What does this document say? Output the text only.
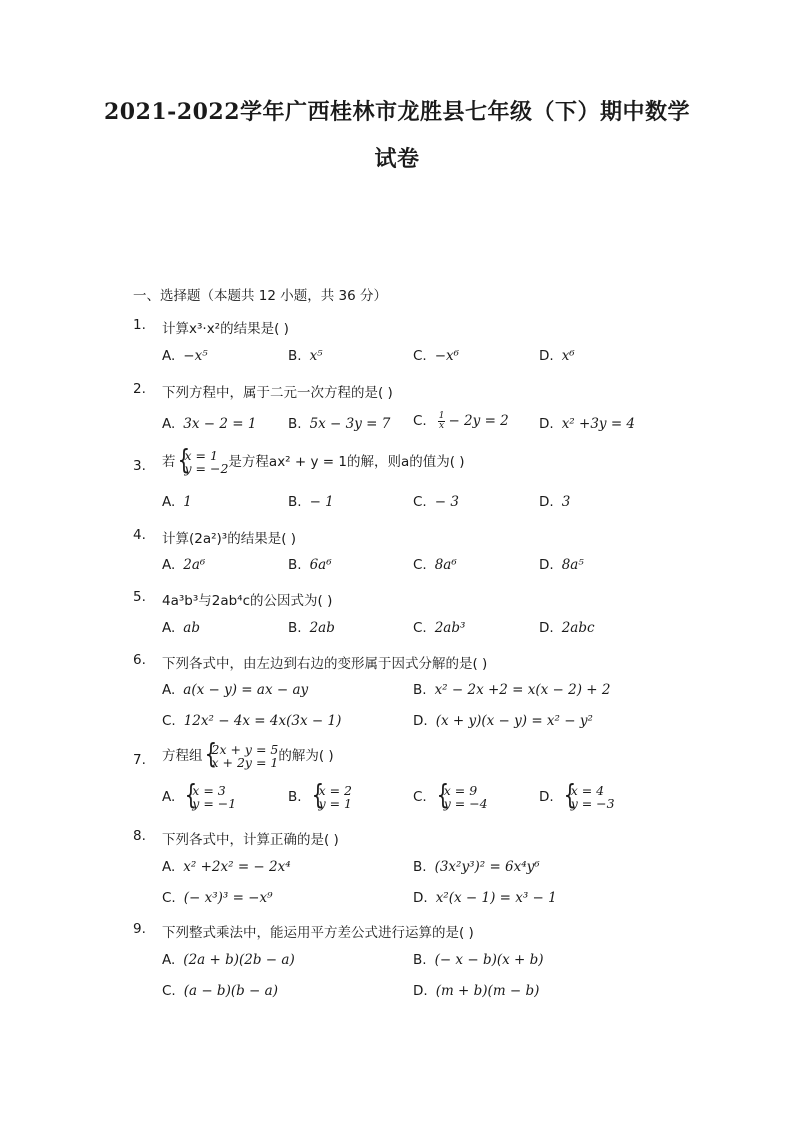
2021-2022学年广西桂林市龙胜县七年级（下）期中数学
试卷
一、选择题（本题共 12 小题，共 36 分）
1.	计算x³·x²的结果是( )
A. −x⁵	B. x⁵	C. −x⁶	D. x⁶
2.	下列方程中，属于二元一次方程的是( )
A. 3x − 2 = 1 B. 5x − 3y = 7 C. $\frac{1}{x} - 2y = 2$ D. x² +3y = 4
3.	若 { x = 1
y = −2 是方程ax² + y = 1的解，则a的值为( )
A. 1	B. − 1	C. − 3	D. 3
4.	计算(2a²)³的结果是( )
A. 2a⁶	B. 6a⁶	C. 8a⁶	D. 8a⁵
5.	4a³b³与2ab⁴c的公因式为( )
A. ab	B. 2ab	C. 2ab³	D. 2abc
6.	下列各式中，由左边到右边的变形属于因式分解的是( )
A. a(x − y) = ax − ay	B. x² − 2x +2 = x(x − 2) + 2
C. 12x² − 4x = 4x(3x − 1)	D. (x + y)(x − y) = x² − y²
7.	方程组 { 2x + y = 5
x + 2y = 1 的解为( )
A. { x = 3
y = −1	B. { x = 2
y = 1	C. { x = 9
y = −4	D. { x = 4
y = −3
8.	下列各式中，计算正确的是( )
A. x² +2x² = − 2x⁴	B. (3x²y³)² = 6x⁴y⁶
C. (− x³)³ = −x⁹	D. x²(x − 1) = x³ − 1
9.	下列整式乘法中，能运用平方差公式进行运算的是( )
A. (2a + b)(2b − a)	B. (− x − b)(x + b)
C. (a − b)(b − a)	D. (m + b)(m − b)
